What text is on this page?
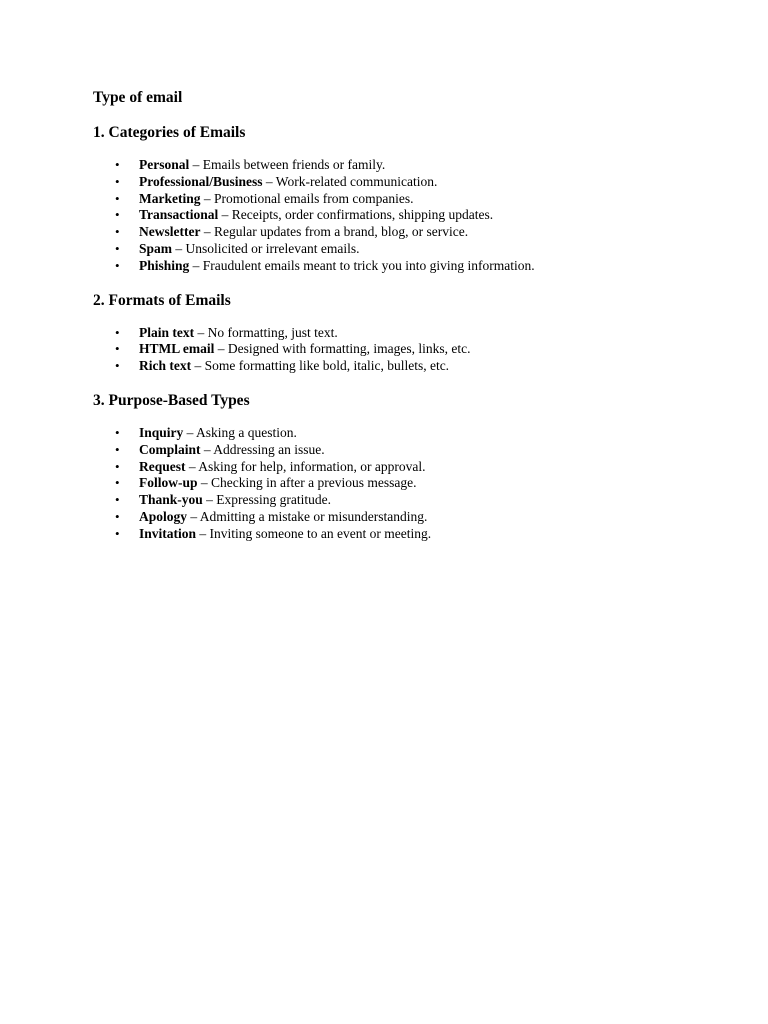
Type of email
1. Categories of Emails
• Personal – Emails between friends or family.
• Professional/Business – Work-related communication.
• Marketing – Promotional emails from companies.
• Transactional – Receipts, order confirmations, shipping updates.
• Newsletter – Regular updates from a brand, blog, or service.
• Spam – Unsolicited or irrelevant emails.
• Phishing – Fraudulent emails meant to trick you into giving information.
2. Formats of Emails
• Plain text – No formatting, just text.
• HTML email – Designed with formatting, images, links, etc.
• Rich text – Some formatting like bold, italic, bullets, etc.
3. Purpose-Based Types
• Inquiry – Asking a question.
• Complaint – Addressing an issue.
• Request – Asking for help, information, or approval.
• Follow-up – Checking in after a previous message.
• Thank-you – Expressing gratitude.
• Apology – Admitting a mistake or misunderstanding.
• Invitation – Inviting someone to an event or meeting.
